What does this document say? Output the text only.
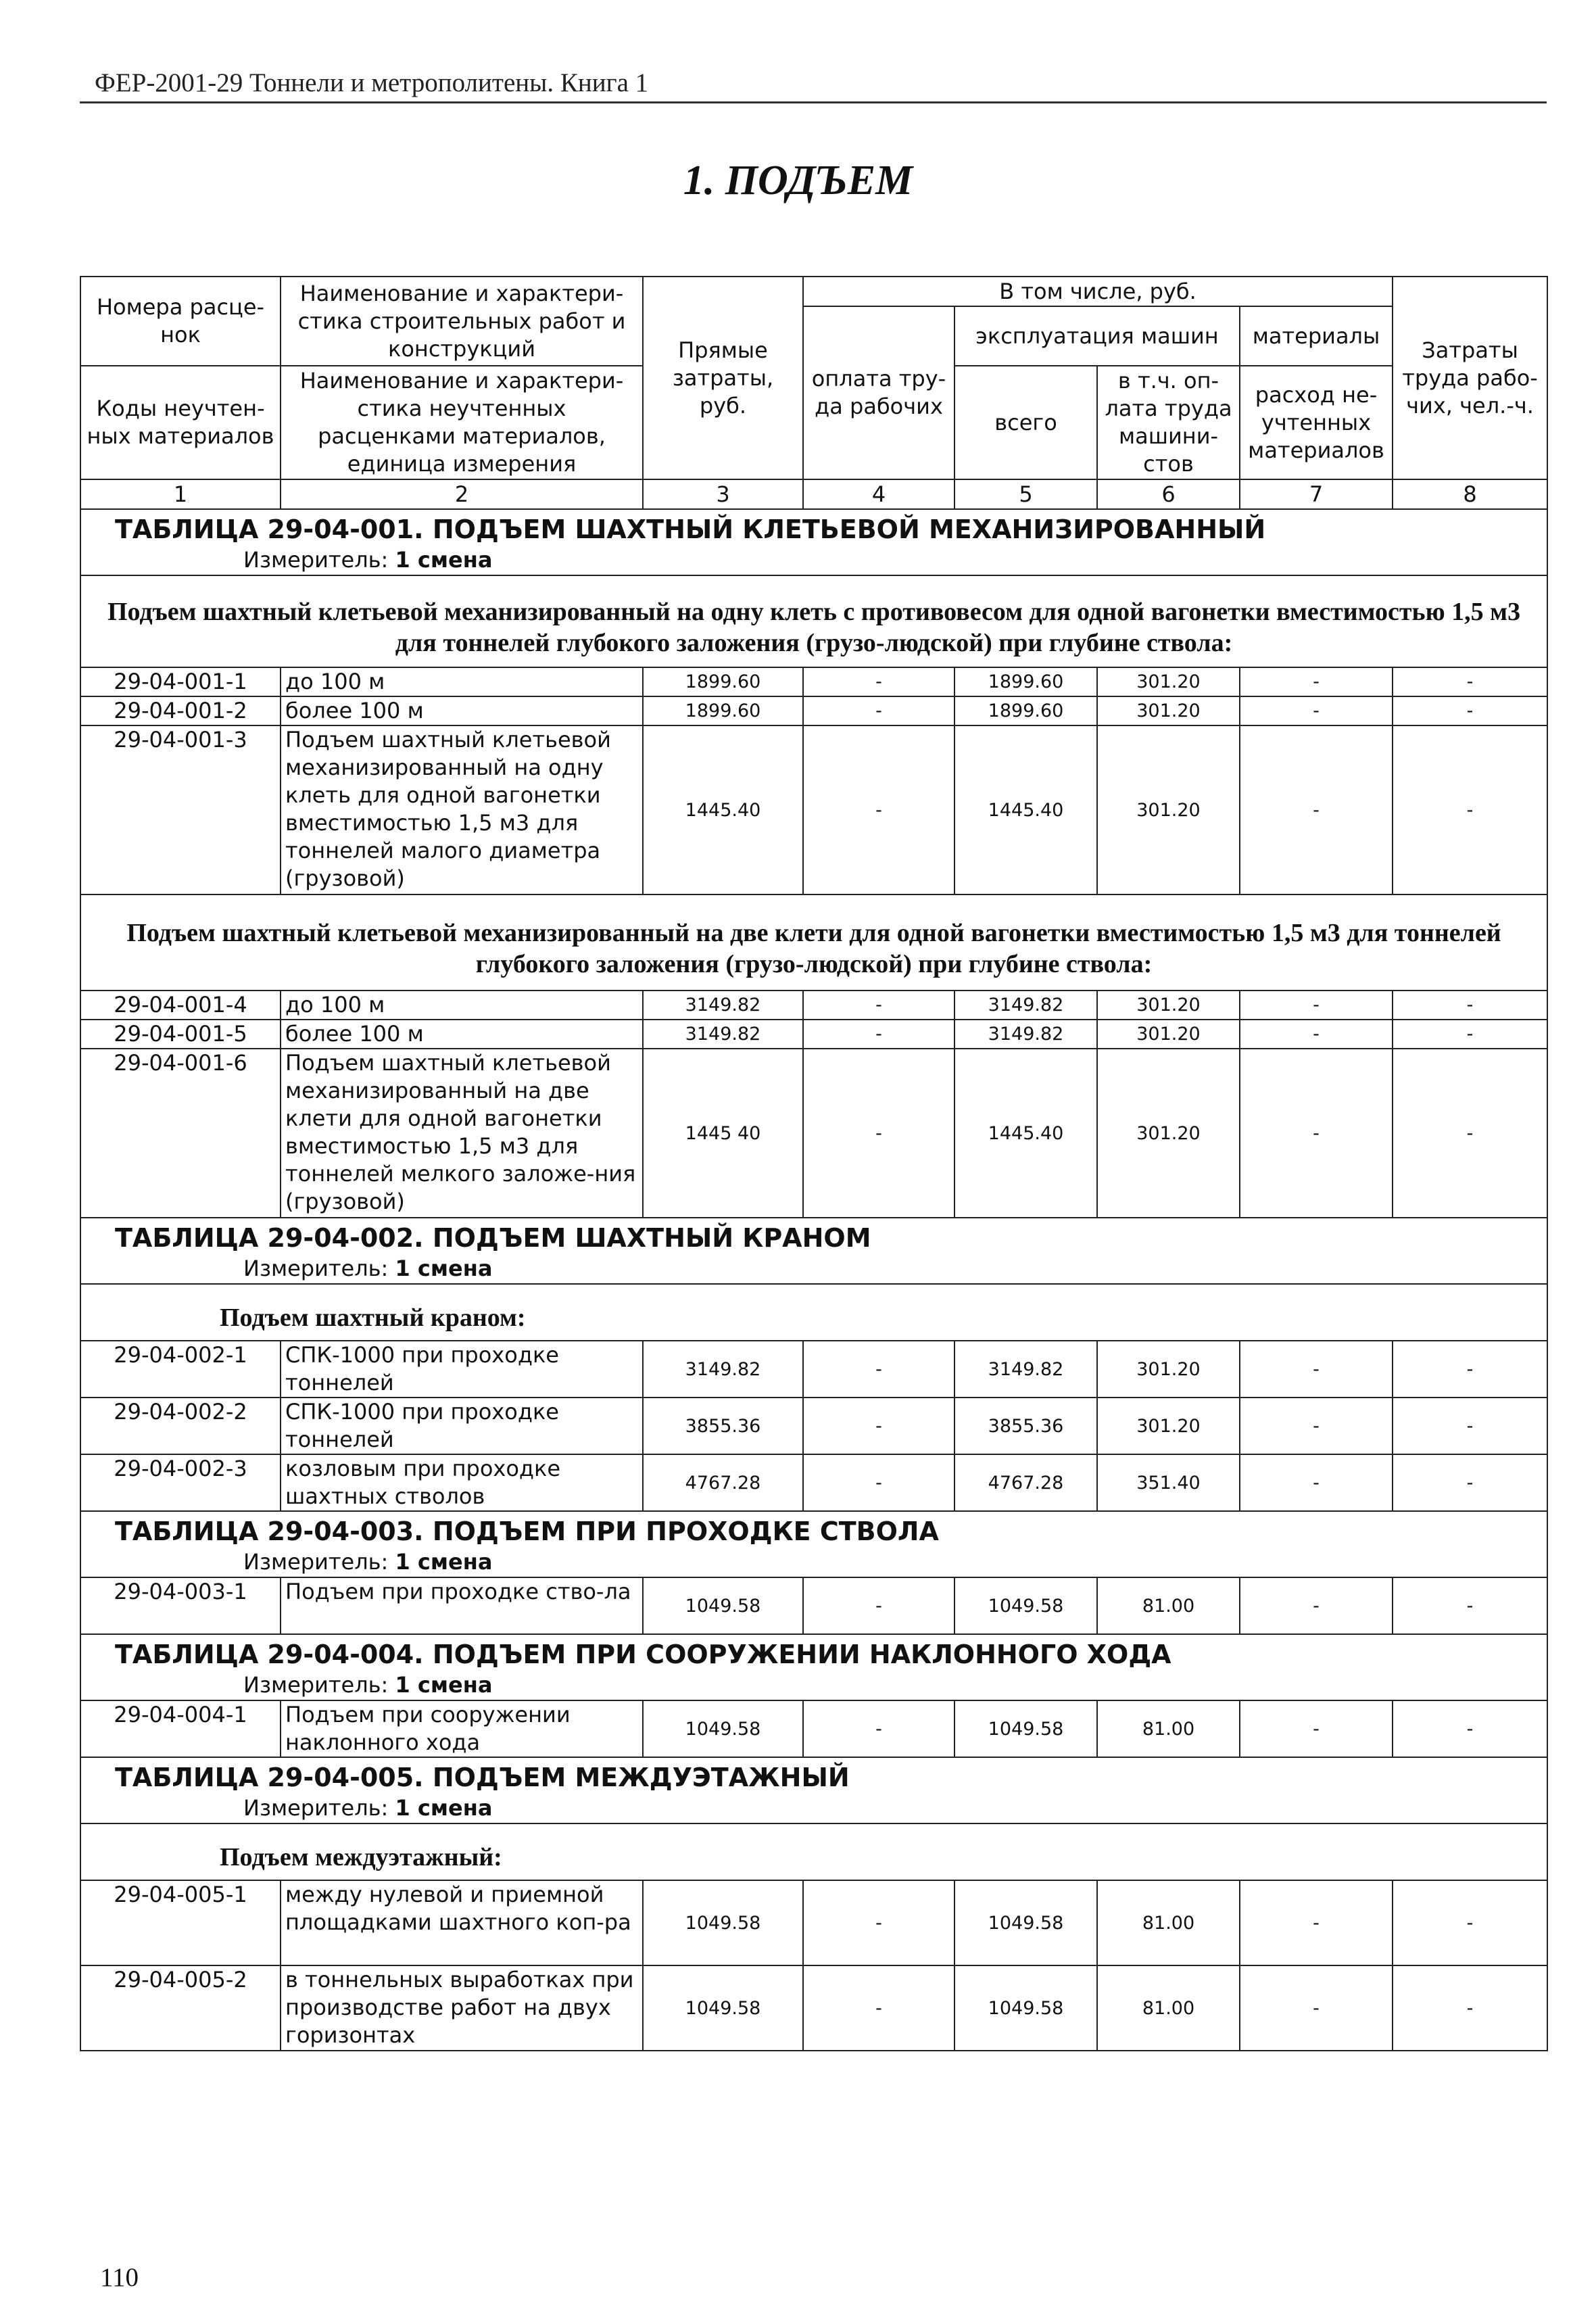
ФЕР-2001-29 Тоннели и метрополитены. Книга 1
1. ПОДЪЕМ
Номера расце-нок	Наименование и характери-стика строительных работ и конструкций	Прямые затраты, руб.	В том числе, руб.				Затраты труда рабо-чих, чел.-ч.
			оплата тру-да рабочих	эксплуатация машин		материалы	
Коды неучтен-ных материалов	Наименование и характери-стика неучтенных расценками материалов, единица измерения			всего	в т.ч. оп-лата труда машини-стов	расход не-учтенных материалов	
1	2	3	4	5	6	7	8
ТАБЛИЦА 29-04-001. ПОДЪЕМ ШАХТНЫЙ КЛЕТЬЕВОЙ МЕХАНИЗИРОВАННЫЙ							
Измеритель: 1 смена							
Подъем шахтный клетьевой механизированный на одну клеть с противовесом для одной вагонетки вместимостью 1,5 м3 для тоннелей глубокого заложения (грузо-людской) при глубине ствола:							
29-04-001-1	до 100 м	1899.60	-	1899.60	301.20	-	-
29-04-001-2	более 100 м	1899.60	-	1899.60	301.20	-	-
29-04-001-3	Подъем шахтный клетьевой механизированный на одну клеть для одной вагонетки вместимостью 1,5 м3 для тоннелей малого диаметра (грузовой)	1445.40	-	1445.40	301.20	-	-
Подъем шахтный клетьевой механизированный на две клети для одной вагонетки вместимостью 1,5 м3 для тоннелей глубокого заложения (грузо-людской) при глубине ствола:							
29-04-001-4	до 100 м	3149.82	-	3149.82	301.20	-	-
29-04-001-5	более 100 м	3149.82	-	3149.82	301.20	-	-
29-04-001-6	Подъем шахтный клетьевой механизированный на две клети для одной вагонетки вместимостью 1,5 м3 для тоннелей мелкого заложе-ния (грузовой)	1445 40	-	1445.40	301.20	-	-
ТАБЛИЦА 29-04-002. ПОДЪЕМ ШАХТНЫЙ КРАНОМ							
Измеритель: 1 смена							
Подъем шахтный краном:							
29-04-002-1	СПК-1000 при проходке тоннелей	3149.82	-	3149.82	301.20	-	-
29-04-002-2	СПК-1000 при проходке тоннелей	3855.36	-	3855.36	301.20	-	-
29-04-002-3	козловым при проходке шахтных стволов	4767.28	-	4767.28	351.40	-	-
ТАБЛИЦА 29-04-003. ПОДЪЕМ ПРИ ПРОХОДКЕ СТВОЛА							
Измеритель: 1 смена							
29-04-003-1	Подъем при проходке ство-ла	1049.58	-	1049.58	81.00	-	-
ТАБЛИЦА 29-04-004. ПОДЪЕМ ПРИ СООРУЖЕНИИ НАКЛОННОГО ХОДА							
Измеритель: 1 смена							
29-04-004-1	Подъем при сооружении наклонного хода	1049.58	-	1049.58	81.00	-	-
ТАБЛИЦА 29-04-005. ПОДЪЕМ МЕЖДУЭТАЖНЫЙ							
Измеритель: 1 смена							
Подъем междуэтажный:							
29-04-005-1	между нулевой и приемной площадками шахтного коп-ра	1049.58	-	1049.58	81.00	-	-
29-04-005-2	в тоннельных выработках при производстве работ на двух горизонтах	1049.58	-	1049.58	81.00	-	-
110
